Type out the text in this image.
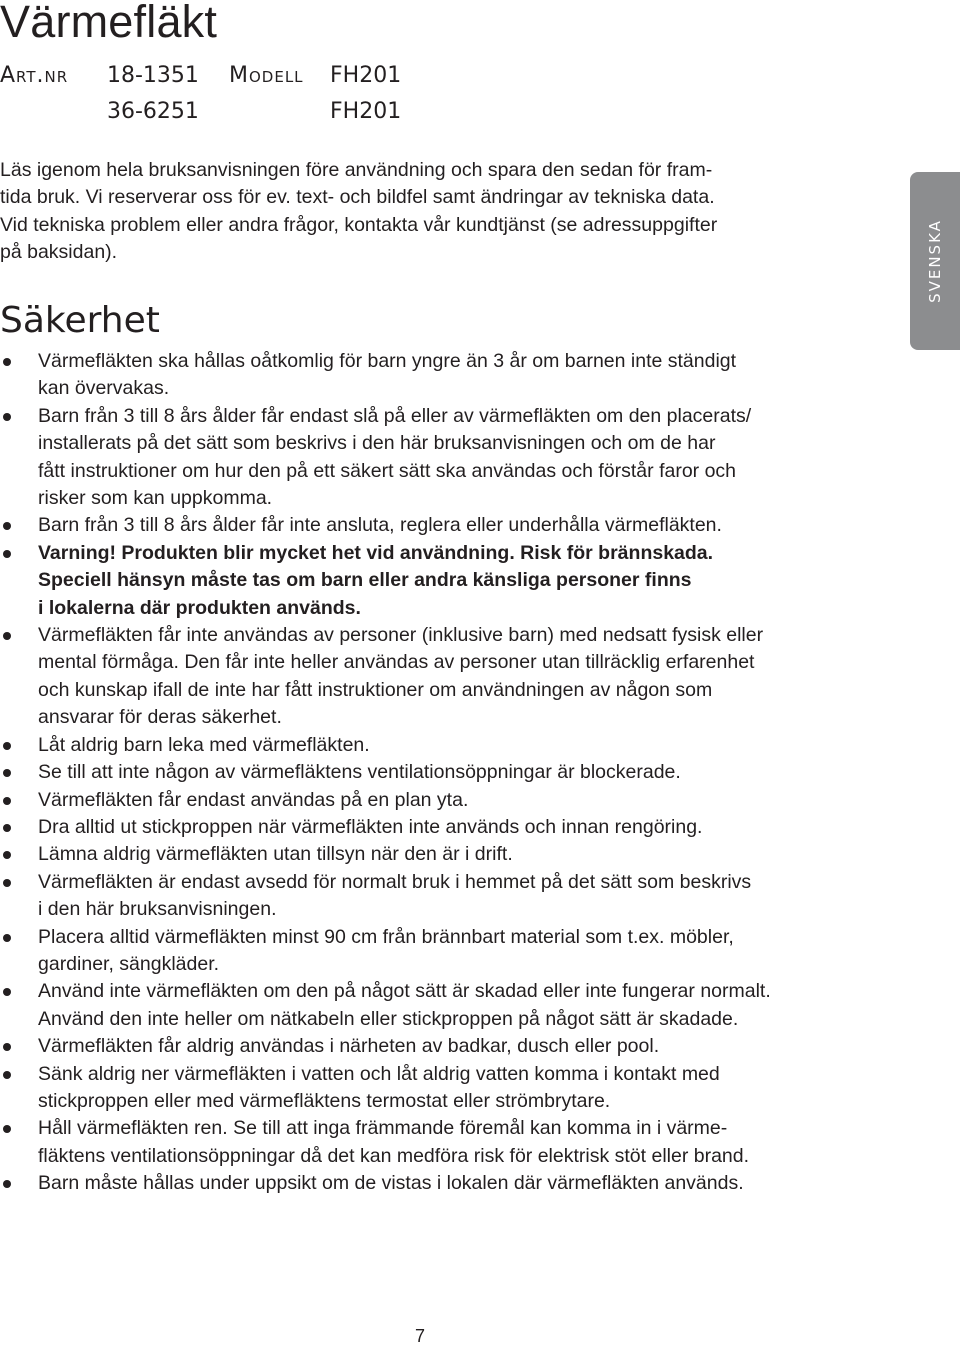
Värmefläkt
Art.nr 18-1351 Modell FH201
36-6251	FH201

Läs igenom hela bruksanvisningen före användning och spara den sedan för fram-
tida bruk. Vi reserverar oss för ev. text- och bildfel samt ändringar av tekniska data.
Vid tekniska problem eller andra frågor, kontakta vår kundtjänst (se adressuppgifter
på baksidan).	SVENSKA
Säkerhet
Värmefläkten ska hållas oåtkomlig för barn yngre än 3 år om barnen inte ständigt
kan övervakas.
Barn från 3 till 8 års ålder får endast slå på eller av värmefläkten om den placerats/
installerats på det sätt som beskrivs i den här bruksanvisningen och om de har
fått instruktioner om hur den på ett säkert sätt ska användas och förstår faror och
risker som kan uppkomma.
Barn från 3 till 8 års ålder får inte ansluta, reglera eller underhålla värmefläkten.
Varning! Produkten blir mycket het vid användning. Risk för brännskada.
Speciell hänsyn måste tas om barn eller andra känsliga personer finns
i lokalerna där produkten används.
Värmefläkten får inte användas av personer (inklusive barn) med nedsatt fysisk eller
mental förmåga. Den får inte heller användas av personer utan tillräcklig erfarenhet
och kunskap ifall de inte har fått instruktioner om användningen av någon som
ansvarar för deras säkerhet.
Låt aldrig barn leka med värmefläkten.
Se till att inte någon av värmefläktens ventilationsöppningar är blockerade.
Värmefläkten får endast användas på en plan yta.
Dra alltid ut stickproppen när värmefläkten inte används och innan rengöring.
Lämna aldrig värmefläkten utan tillsyn när den är i drift.
Värmefläkten är endast avsedd för normalt bruk i hemmet på det sätt som beskrivs
i den här bruksanvisningen.
Placera alltid värmefläkten minst 90 cm från brännbart material som t.ex. möbler,
gardiner, sängkläder.
Använd inte värmefläkten om den på något sätt är skadad eller inte fungerar normalt.
Använd den inte heller om nätkabeln eller stickproppen på något sätt är skadade.
Värmefläkten får aldrig användas i närheten av badkar, dusch eller pool.
Sänk aldrig ner värmefläkten i vatten och låt aldrig vatten komma i kontakt med
stickproppen eller med värmefläktens termostat eller strömbrytare.
Håll värmefläkten ren. Se till att inga främmande föremål kan komma in i värme-
fläktens ventilationsöppningar då det kan medföra risk för elektrisk stöt eller brand.
Barn måste hållas under uppsikt om de vistas i lokalen där värmefläkten används.
7
